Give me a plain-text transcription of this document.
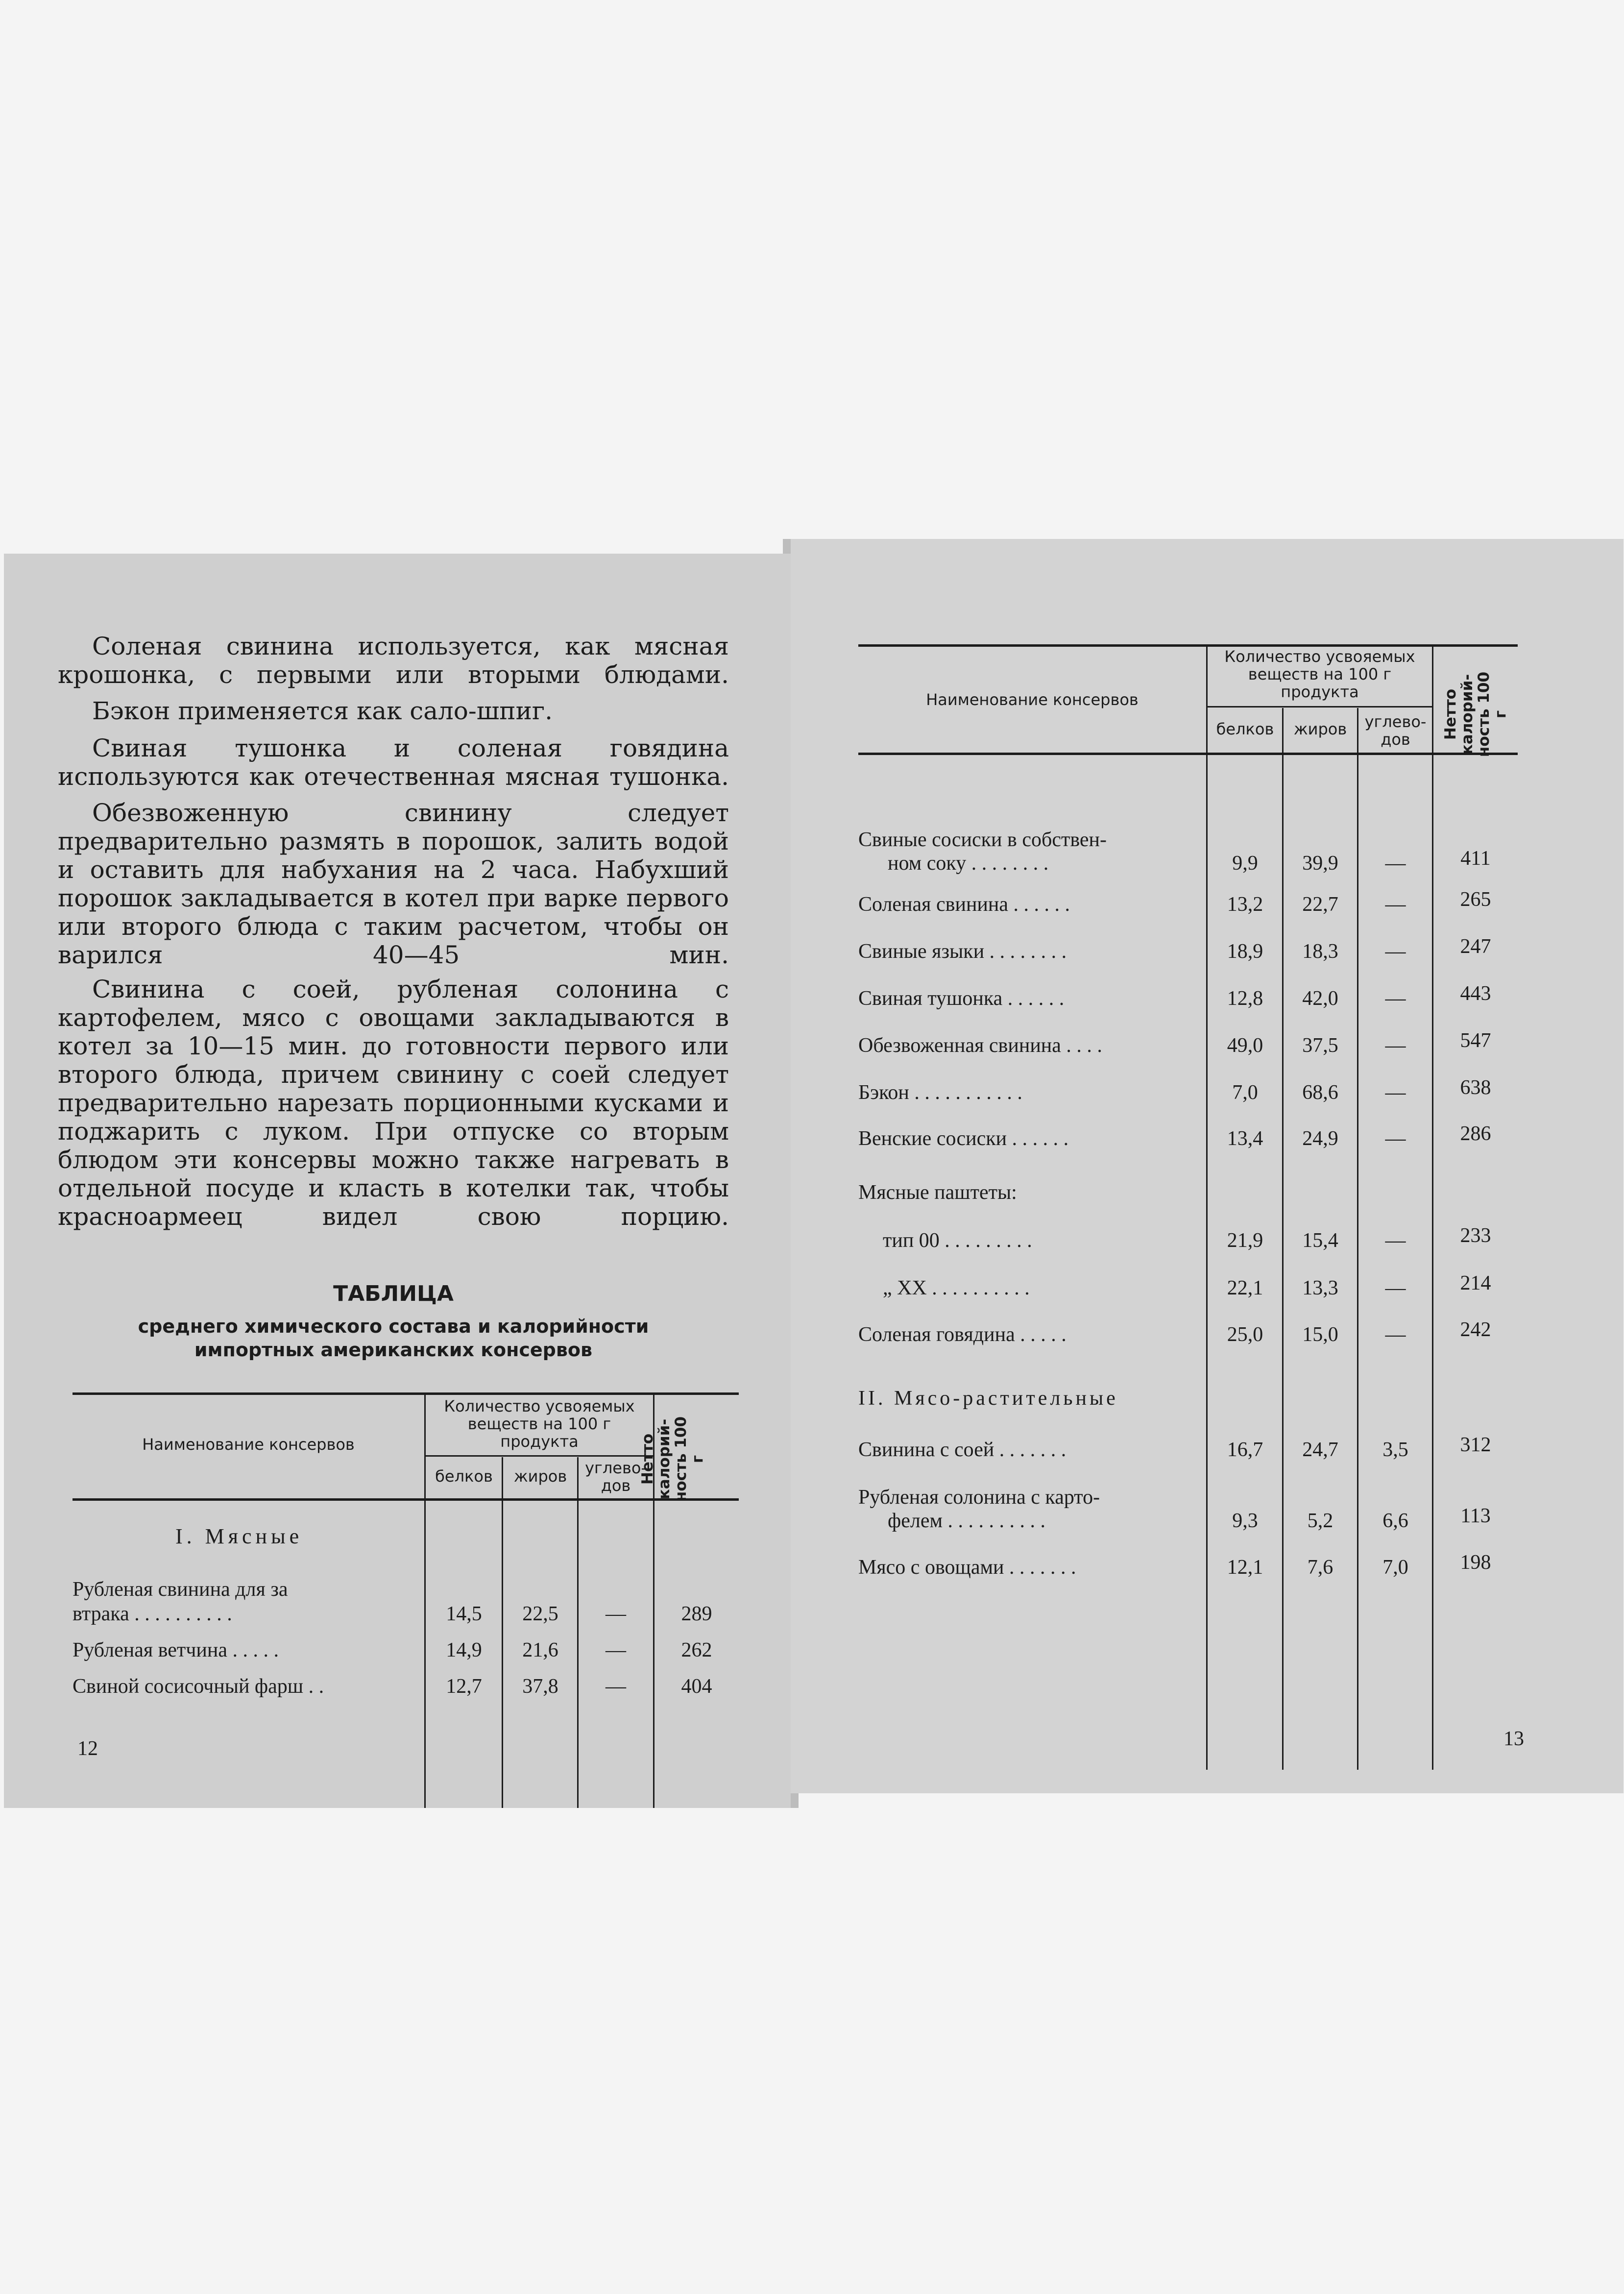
Соленая свинина используется, как мясная крошонка, с первыми или вторыми блюдами.

Бэкон применяется как сало-шпиг.

Свиная тушонка и соленая говядина используются как отечественная мясная тушонка.

Обезвоженную свинину следует предварительно размять в порошок, залить водой и оставить для набухания на 2 часа. Набухший порошок закладывается в котел при варке первого или второго блюда с таким расчетом, чтобы он варился 40—45 мин.

Свинина с соей, рубленая солонина с картофелем, мясо с овощами закладываются в котел за 10—15 мин. до готовности первого или второго блюда, причем свинину с соей следует предварительно нарезать порционными кусками и поджарить с луком. При отпуске со вторым блюдом эти консервы можно также нагревать в отдельной посуде и класть в котелки так, чтобы красноармеец видел свою порцию.

ТАБЛИЦА
среднего химического состава и калорийности
импортных американских консервов
Наименование консервов
Количество усвояемых веществ на 100 г продукта
белков	жиров	углево-дов
Нетто калорий-ность 100 г
I. Мясные
Рубленая свинина для за
втрака . . . . . . . . . .	14,5	22,5	—	289
Рубленая ветчина . . . . .	14,9	21,6	—	262
Свиной сосисочный фарш . .	12,7	37,8	—	404
12
Наименование консервов
Количество усвояемых веществ на 100 г продукта
белков	жиров	углево-дов	Нетто калорий-ность 100 г
Свиные сосиски в собствен-
ном соку . . . . . . . .	9,9	39,9	—	411
Соленая свинина . . . . . .	13,2	22,7	—	265
Свиные языки . . . . . . . .	18,9	18,3	—	247
Свиная тушонка . . . . . .	12,8	42,0	—	443
Обезвоженная свинина . . . .	49,0	37,5	—	547
Бэкон . . . . . . . . . . .	7,0	68,6	—	638
Венские сосиски . . . . . .	13,4	24,9	—	286
Мясные паштеты:
тип 00 . . . . . . . . .	21,9	15,4	—	233
„ XX . . . . . . . . . .	22,1	13,3	—	214
Соленая говядина . . . . .	25,0	15,0	—	242
II. Мясо-растительные
Свинина с соей . . . . . . .	16,7	24,7	3,5	312
Рубленая солонина с карто-
фелем . . . . . . . . . .	9,3	5,2	6,6	113
Мясо с овощами . . . . . . .	12,1	7,6	7,0	198
13
